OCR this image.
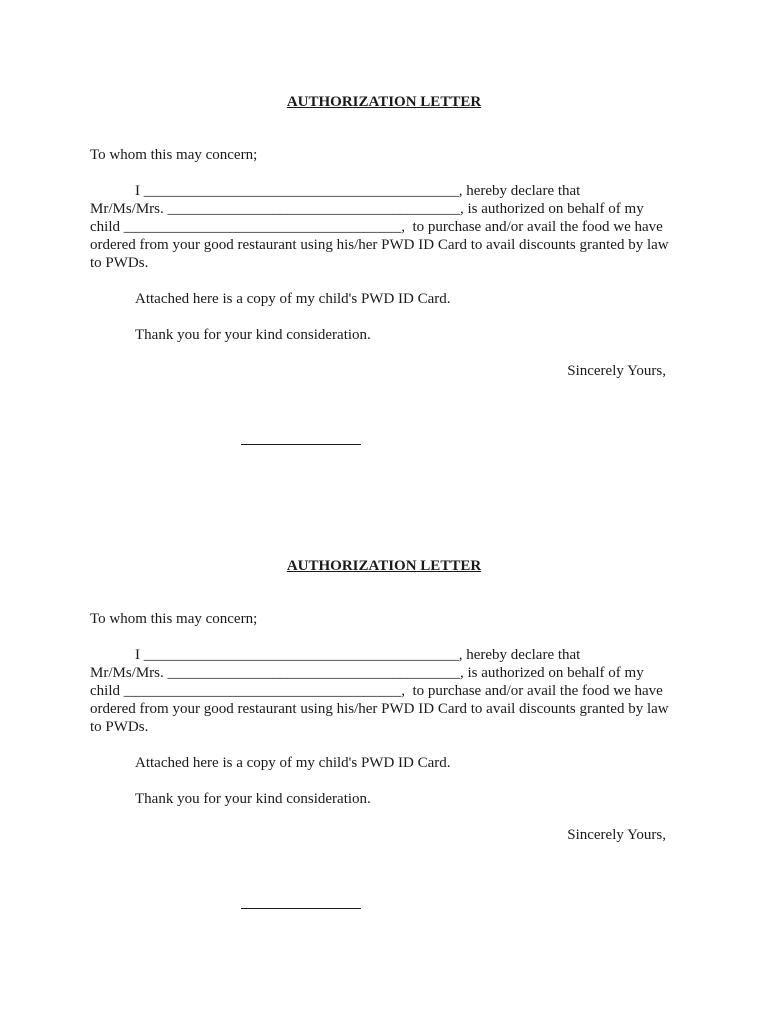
AUTHORIZATION LETTER

To whom this may concern;

I __________________________________________, hereby declare that

Mr/Ms/Mrs. _______________________________________, is authorized on behalf of my

child _____________________________________,  to purchase and/or avail the food we have

ordered from your good restaurant using his/her PWD ID Card to avail discounts granted by law

to PWDs.

Attached here is a copy of my child's PWD ID Card.

Thank you for your kind consideration.

Sincerely Yours,

AUTHORIZATION LETTER

To whom this may concern;

I __________________________________________, hereby declare that

Mr/Ms/Mrs. _______________________________________, is authorized on behalf of my

child _____________________________________,  to purchase and/or avail the food we have

ordered from your good restaurant using his/her PWD ID Card to avail discounts granted by law

to PWDs.

Attached here is a copy of my child's PWD ID Card.

Thank you for your kind consideration.

Sincerely Yours,
